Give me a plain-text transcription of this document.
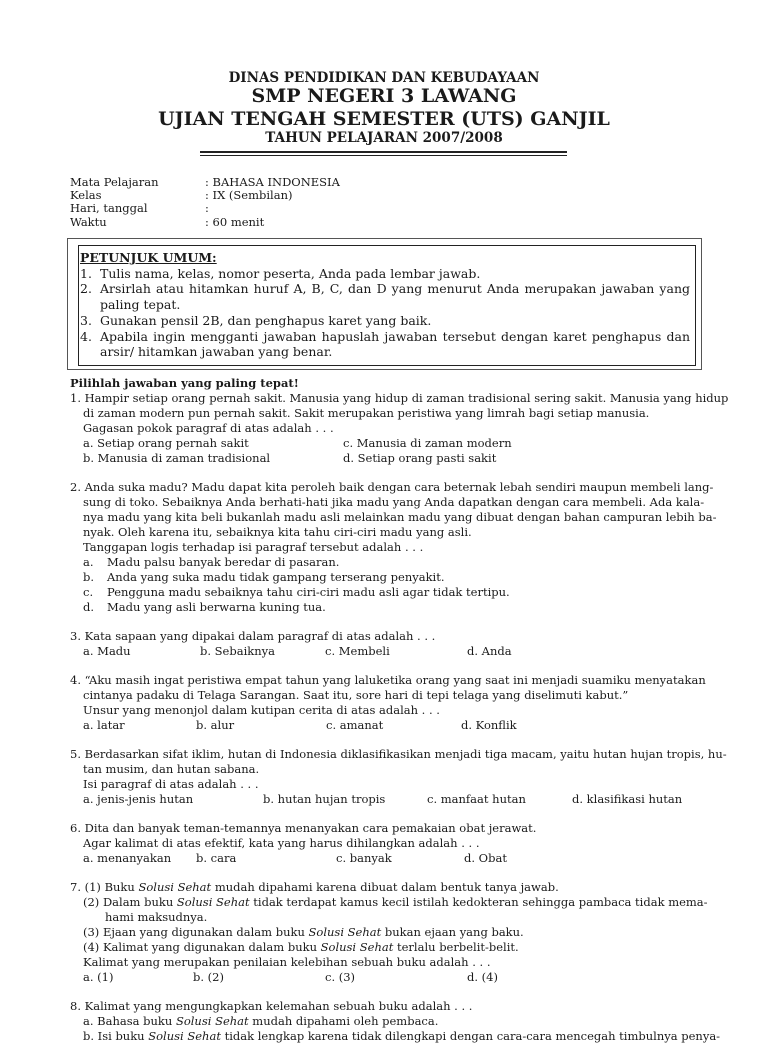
DINAS PENDIDIKAN DAN KEBUDAYAAN
SMP NEGERI 3 LAWANG
UJIAN TENGAH SEMESTER (UTS) GANJIL
TAHUN PELAJARAN 2007/2008
Mata Pelajaran	: BAHASA INDONESIA
Kelas	: IX (Sembilan)
Hari, tanggal	:
Waktu	: 60 menit
PETUNJUK UMUM:
1. Tulis nama, kelas, nomor peserta, Anda pada lembar jawab.
2. Arsirlah atau hitamkan huruf A, B, C, dan D yang menurut Anda merupakan jawaban yang paling tepat.
3. Gunakan pensil 2B, dan penghapus karet yang baik.
4. Apabila ingin mengganti jawaban hapuslah jawaban tersebut dengan karet penghapus dan arsir/ hitamkan jawaban yang benar.
Pilihlah jawaban yang paling tepat!
1. Hampir setiap orang pernah sakit. Manusia yang hidup di zaman tradisional sering sakit. Manusia yang hidup
di zaman modern pun pernah sakit. Sakit merupakan peristiwa yang limrah bagi setiap manusia.
Gagasan pokok paragraf di atas adalah . . .
a. Setiap orang pernah sakit	c. Manusia di zaman modern
b. Manusia di zaman tradisional	d. Setiap orang pasti sakit
2. Anda suka madu? Madu dapat kita peroleh baik dengan cara beternak lebah sendiri maupun membeli lang-
sung di toko. Sebaiknya Anda berhati-hati jika madu yang Anda dapatkan dengan cara membeli. Ada kala-
nya madu yang kita beli bukanlah madu asli melainkan madu yang dibuat dengan bahan campuran lebih ba-
nyak. Oleh karena itu, sebaiknya kita tahu ciri-ciri madu yang asli.
Tanggapan logis terhadap isi paragraf tersebut adalah . . .
a.	Madu palsu banyak beredar di pasaran.
b.	Anda yang suka madu tidak gampang terserang penyakit.
c.	Pengguna madu sebaiknya tahu ciri-ciri madu asli agar tidak tertipu.
d.	Madu yang asli berwarna kuning tua.
3. Kata sapaan yang dipakai dalam paragraf di atas adalah . . .
a. Madu	b. Sebaiknya	c. Membeli	d. Anda
4. “Aku masih ingat peristiwa empat tahun yang laluketika orang yang saat ini menjadi suamiku menyatakan
cintanya padaku di Telaga Sarangan. Saat itu, sore hari di tepi telaga yang diselimuti kabut.”
Unsur yang menonjol dalam kutipan cerita di atas adalah . . .
a. latar	b. alur	c. amanat	d. Konflik
5. Berdasarkan sifat iklim, hutan di Indonesia diklasifikasikan menjadi tiga macam, yaitu hutan hujan tropis, hu-
tan musim, dan hutan sabana.
Isi paragraf di atas adalah . . .
a. jenis-jenis hutan	b. hutan hujan tropis	c. manfaat hutan	d. klasifikasi hutan
6. Dita dan banyak teman-temannya menanyakan cara pemakaian obat jerawat.
Agar kalimat di atas efektif, kata yang harus dihilangkan adalah . . .
a. menanyakan	b. cara	c. banyak	d. Obat
7. (1) Buku Solusi Sehat mudah dipahami karena dibuat dalam bentuk tanya jawab.
(2) Dalam buku Solusi Sehat tidak terdapat kamus kecil istilah kedokteran sehingga pambaca tidak mema-
hami maksudnya.
(3) Ejaan yang digunakan dalam buku Solusi Sehat bukan ejaan yang baku.
(4) Kalimat yang digunakan dalam buku Solusi Sehat terlalu berbelit-belit.
Kalimat yang merupakan penilaian kelebihan sebuah buku adalah . . .
a. (1)	b. (2)	c. (3)	d. (4)
8. Kalimat yang mengungkapkan kelemahan sebuah buku adalah . . .
a. Bahasa buku Solusi Sehat mudah dipahami oleh pembaca.
b. Isi buku Solusi Sehat tidak lengkap karena tidak dilengkapi dengan cara-cara mencegah timbulnya penya-
